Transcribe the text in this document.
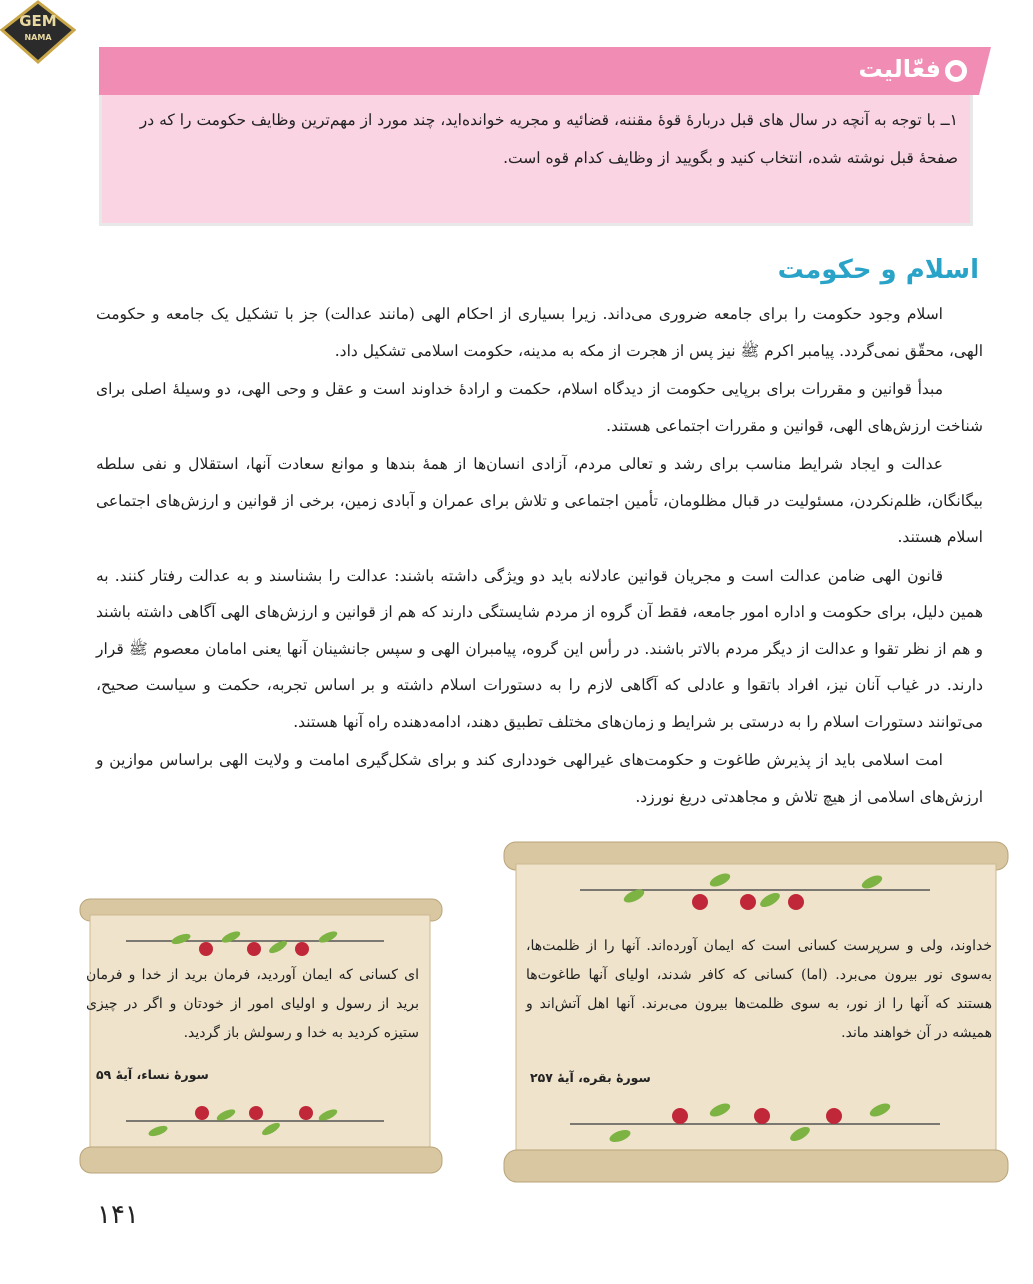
GEM
NAMA
فعّالیت
۱ــ با توجه به آنچه در سال های قبل دربارهٔ قوهٔ مقننه، قضائیه و مجریه خوانده‌اید، چند مورد از مهم‌ترین وظایف حکومت را که در صفحهٔ قبل نوشته شده، انتخاب کنید و بگویید از وظایف کدام قوه است.
اسلام و حکومت

اسلام وجود حکومت را برای جامعه ضروری می‌داند. زیرا بسیاری از احکام الهی (مانند عدالت) جز با تشکیل یک جامعه و حکومت الهی، محقّق نمی‌گردد. پیامبر اکرم ﷺ نیز پس از هجرت از مکه به مدینه، حکومت اسلامی تشکیل داد.

مبدأ قوانین و مقررات برای برپایی حکومت از دیدگاه اسلام، حکمت و ارادهٔ خداوند است و عقل و وحی الهی، دو وسیلهٔ اصلی برای شناخت ارزش‌های الهی، قوانین و مقررات اجتماعی هستند.

عدالت و ایجاد شرایط مناسب برای رشد و تعالی مردم، آزادی انسان‌ها از همهٔ بندها و موانع سعادت آنها، استقلال و نفی سلطه بیگانگان، ظلم‌نکردن، مسئولیت در قبال مظلومان، تأمین اجتماعی و تلاش برای عمران و آبادی زمین، برخی از قوانین و ارزش‌های اجتماعی اسلام هستند.

قانون الهی ضامن عدالت است و مجریان قوانین عادلانه باید دو ویژگی داشته باشند: عدالت را بشناسند و به عدالت رفتار کنند. به همین دلیل، برای حکومت و اداره امور جامعه، فقط آن گروه از مردم شایستگی دارند که هم از قوانین و ارزش‌های الهی آگاهی داشته باشند و هم از نظر تقوا و عدالت از دیگر مردم بالاتر باشند. در رأس این گروه، پیامبران الهی و سپس جانشینان آنها یعنی امامان معصوم ﷺ قرار دارند. در غیاب آنان نیز، افراد باتقوا و عادلی که آگاهی لازم را به دستورات اسلام داشته و بر اساس تجربه، حکمت و سیاست صحیح، می‌توانند دستورات اسلام را به درستی بر شرایط و زمان‌های مختلف تطبیق دهند، ادامه‌دهنده راه آنها هستند.

امت اسلامی باید از پذیرش طاغوت و حکومت‌های غیرالهی خودداری کند و برای شکل‌گیری امامت و ولایت الهی براساس موازین و ارزش‌های اسلامی از هیچ تلاش و مجاهدتی دریغ نورزد.

ای کسانی که ایمان آوردید، فرمان برید از خدا و فرمان برید از رسول و اولیای امور از خودتان و اگر در چیزی ستیزه کردید به خدا و رسولش باز گردید.
سورهٔ نساء، آیهٔ ۵۹
خداوند، ولی و سرپرست کسانی است که ایمان آورده‌اند. آنها را از ظلمت‌ها، به‌سوی نور بیرون می‌برد. (اما) کسانی که کافر شدند، اولیای آنها طاغوت‌ها هستند که آنها را از نور، به سوی ظلمت‌ها بیرون می‌برند. آنها اهل آتش‌اند و همیشه در آن خواهند ماند.
سورهٔ بقره، آیهٔ ۲۵۷
۱۴۱
